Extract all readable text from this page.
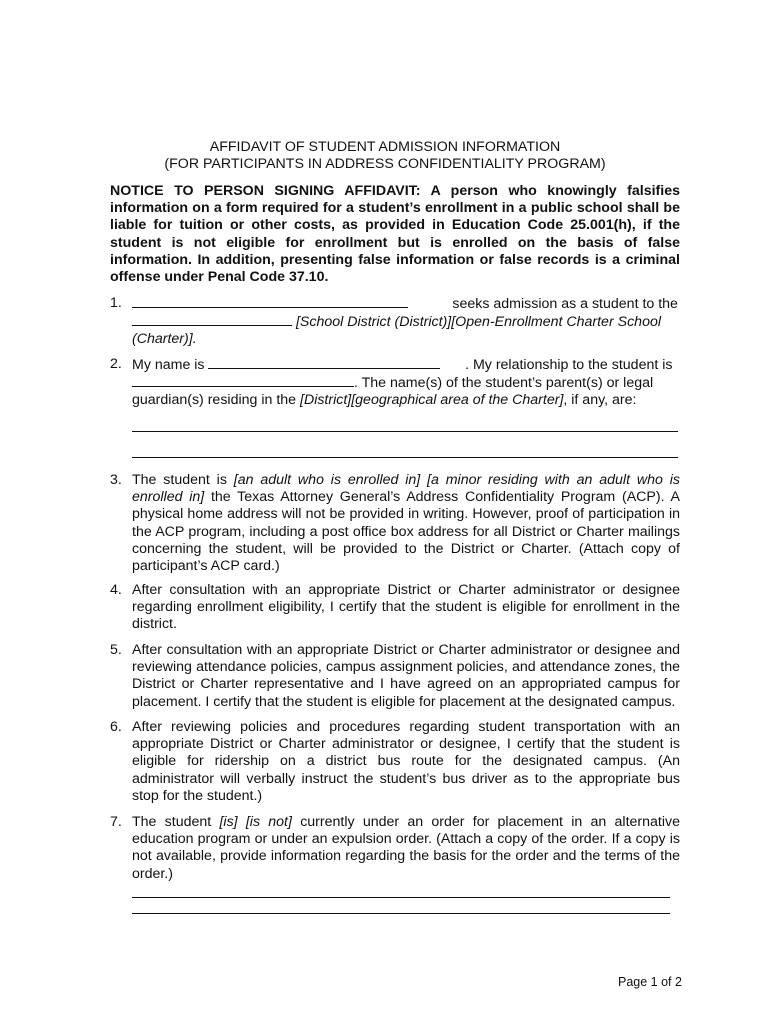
AFFIDAVIT OF STUDENT ADMISSION INFORMATION
(FOR PARTICIPANTS IN ADDRESS CONFIDENTIALITY PROGRAM)
NOTICE TO PERSON SIGNING AFFIDAVIT: A person who knowingly falsifies information on a form required for a student’s enrollment in a public school shall be liable for tuition or other costs, as provided in Education Code 25.001(h), if the student is not eligible for enrollment but is enrolled on the basis of false information. In addition, presenting false information or false records is a criminal offense under Penal Code 37.10.
1.	seeks admission as a student to the
[School District (District)][Open-Enrollment Charter School (Charter)].
2. My name is	. My relationship to the student is
. The name(s) of the student’s parent(s) or legal guardian(s) residing in the [District][geographical area of the Charter], if any, are:
3. The student is [an adult who is enrolled in] [a minor residing with an adult who is enrolled in] the Texas Attorney General’s Address Confidentiality Program (ACP). A physical home address will not be provided in writing. However, proof of participation in the ACP program, including a post office box address for all District or Charter mailings concerning the student, will be provided to the District or Charter. (Attach copy of participant’s ACP card.)
4. After consultation with an appropriate District or Charter administrator or designee regarding enrollment eligibility, I certify that the student is eligible for enrollment in the district.
5. After consultation with an appropriate District or Charter administrator or designee and reviewing attendance policies, campus assignment policies, and attendance zones, the District or Charter representative and I have agreed on an appropriated campus for placement. I certify that the student is eligible for placement at the designated campus.
6. After reviewing policies and procedures regarding student transportation with an appropriate District or Charter administrator or designee, I certify that the student is eligible for ridership on a district bus route for the designated campus. (An administrator will verbally instruct the student’s bus driver as to the appropriate bus stop for the student.)
7. The student [is] [is not] currently under an order for placement in an alternative education program or under an expulsion order. (Attach a copy of the order. If a copy is not available, provide information regarding the basis for the order and the terms of the order.)
Page 1 of 2
